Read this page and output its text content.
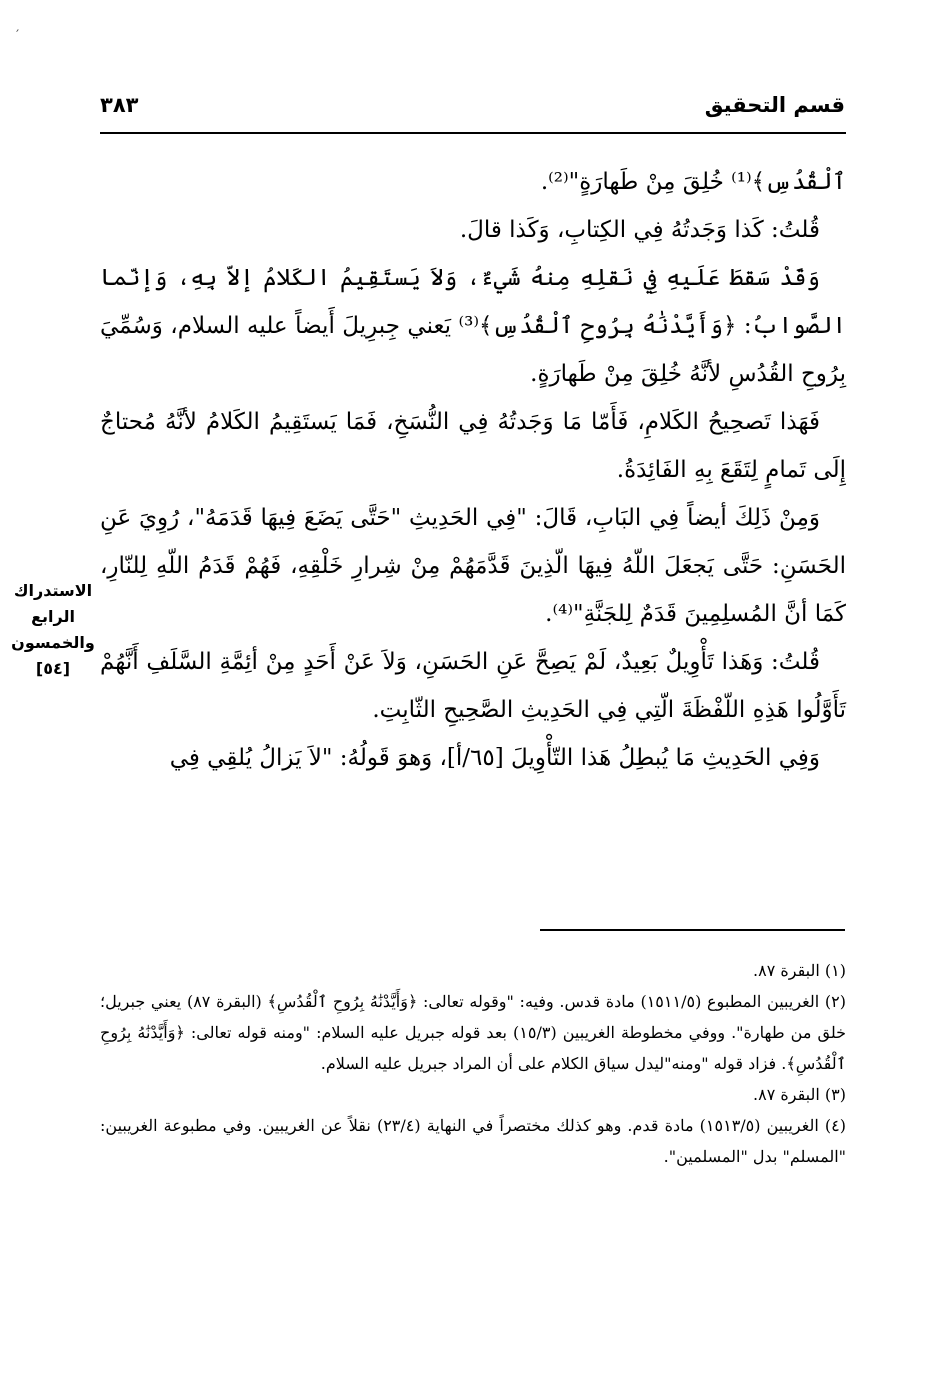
′
قسم التحقيق
٣٨٣

ٱلْقُدُسِ﴾⁽¹⁾ خُلِقَ مِنْ طَهارَةٍ"⁽²⁾.

قُلتُ: كَذا وَجَدتُهُ فِي الكِتابِ، وَكَذا قالَ.

وَقَدْ سَقطَ عَلَيهِ فِي نَقلِهِ مِنهُ شَيءٌ، وَلاَ يَستَقِيمُ الكَلامُ إلاّ بِهِ، وَإنّما الصَّوابُ: ﴿وَأَيَّدْنَٰهُ بِرُوحِ ٱلْقُدُسِ﴾⁽³⁾ يَعني جِبرِيلَ أَيضاً عليه السلام، وَسُمِّيَ بِرُوحِ القُدُسِ لأنَّهُ خُلِقَ مِنْ طَهارَةٍ.

فَهَذا تَصحِيحُ الكَلامِ، فَأَمّا مَا وَجَدتُهُ فِي النُّسَخِ، فَمَا يَستَقِيمُ الكَلامُ لأنَّهُ مُحتاجٌ إِلَى تَمامٍ لِتَقَعَ بِهِ الفَائِدَةُ.

وَمِنْ ذَلِكَ أيضاً فِي البَابِ، قَالَ: "فِي الحَدِيثِ "حَتَّى يَضَعَ فِيهَا قَدَمَهُ"، رُوِيَ عَنِ الحَسَنِ: حَتَّى يَجعَلَ اللّهُ فِيهَا الّذِينَ قَدَّمَهُمْ مِنْ شِرارِ خَلْقِهِ، فَهُمْ قَدَمُ اللّهِ لِلنّارِ، كَمَا أنَّ المُسلِمِينَ قَدَمٌ لِلجَنَّةِ"⁽⁴⁾.

قُلتُ: وَهَذا تَأْوِيلٌ بَعِيدٌ، لَمْ يَصِحَّ عَنِ الحَسَنِ، وَلاَ عَنْ أَحَدٍ مِنْ أئِمَّةِ السَّلَفِ أَنَّهُمْ تَأَوَّلُوا هَذِهِ اللّفْظَةَ الّتِي فِي الحَدِيثِ الصَّحِيحِ الثّابِتِ.

وَفِي الحَدِيثِ مَا يُبطِلُ هَذا التّأْوِيلَ [٦٥/أ]، وَهوَ قَولُهُ: "لاَ يَزالُ يُلقِي فِي

الاستدراك
الرابع
والخمسون
[٥٤]

(١) البقرة ٨٧.

(٢) الغريبين المطبوع (١٥١١/٥) مادة قدس. وفيه: "وقوله تعالى: ﴿وَأَيَّدْنَٰهُ بِرُوحِ ٱلْقُدُسِ﴾ (البقرة ٨٧) يعني جبريل؛ خلق من طهارة". ووفي مخطوطة الغريبين (١٥/٣) بعد قوله جبريل عليه السلام: "ومنه قوله تعالى: ﴿وَأَيَّدْنَٰهُ بِرُوحِ ٱلْقُدُسِ﴾. فزاد قوله "ومنه"ليدل سياق الكلام على أن المراد جبريل عليه السلام.

(٣) البقرة ٨٧.

(٤) الغريبين (١٥١٣/٥) مادة قدم. وهو كذلك مختصراً في النهاية (٢٣/٤) نقلاً عن الغريبين. وفي مطبوعة الغريبين: "المسلم" بدل "المسلمين".
